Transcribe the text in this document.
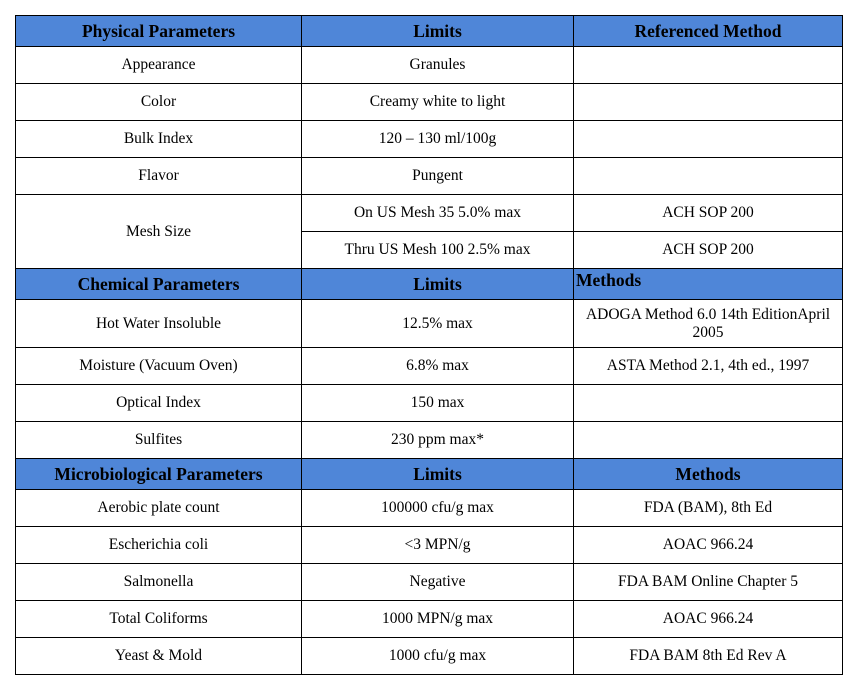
Physical Parameters	Limits	Referenced Method
Appearance	Granules	
Color	Creamy white to light	
Bulk Index	120 – 130 ml/100g	
Flavor	Pungent	
Mesh Size	On US Mesh 35 5.0% max	ACH SOP 200
	Thru US Mesh 100 2.5% max	ACH SOP 200
Chemical Parameters	Limits	Methods
Hot Water Insoluble	12.5% max	ADOGA Method 6.0 14th EditionApril 2005
Moisture (Vacuum Oven)	6.8% max	ASTA Method 2.1, 4th ed., 1997
Optical Index	150 max	
Sulfites	230 ppm max*	
Microbiological Parameters	Limits	Methods
Aerobic plate count	100000 cfu/g max	FDA (BAM), 8th Ed
Escherichia coli	<3 MPN/g	AOAC 966.24
Salmonella	Negative	FDA BAM Online Chapter 5
Total Coliforms	1000 MPN/g max	AOAC 966.24
Yeast & Mold	1000 cfu/g max	FDA BAM 8th Ed Rev A
